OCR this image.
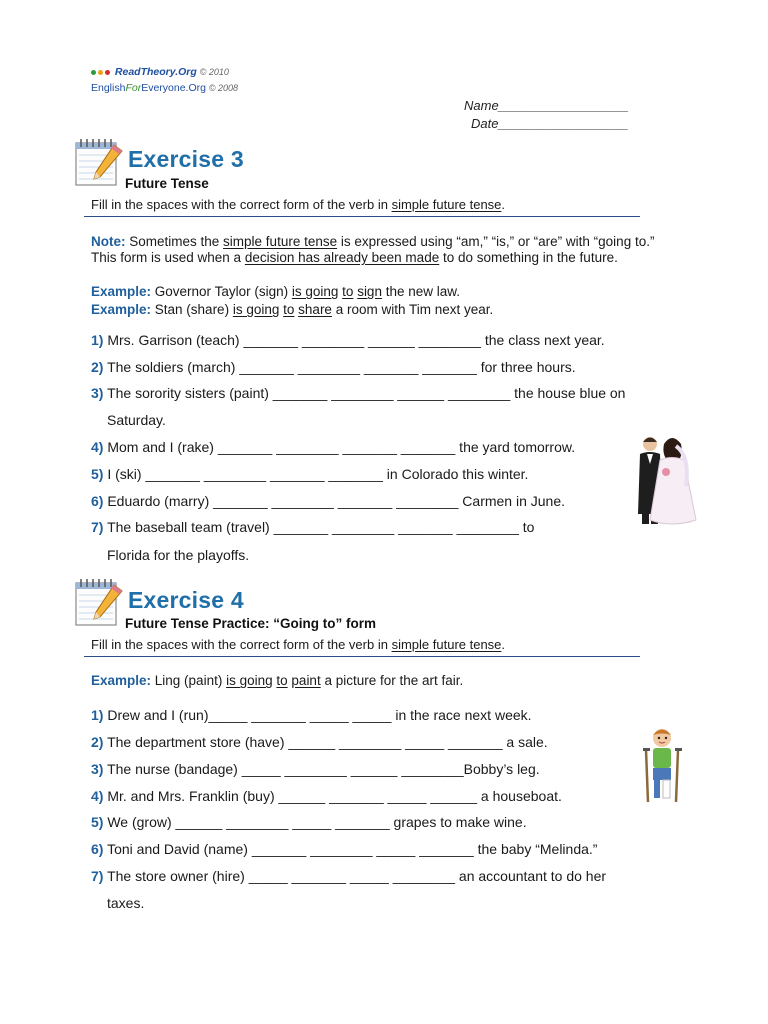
ReadTheory.Org © 2010
EnglishForEveryone.Org © 2008
Name__________________
Date__________________
Exercise 3
Future Tense
Fill in the spaces with the correct form of the verb in simple future tense.
Note: Sometimes the simple future tense is expressed using “am,” “is,” or “are” with “going to.”
This form is used when a decision has already been made to do something in the future.
Example: Governor Taylor (sign) is going to sign the new law.
Example: Stan (share) is going to share a room with Tim next year.
1) Mrs. Garrison (teach) _______ ________ ______ ________ the class next year.
2) The soldiers (march) _______ ________ _______ _______ for three hours.
3) The sorority sisters (paint) _______ ________ ______ ________ the house blue on
Saturday.
4) Mom and I (rake) _______ ________ _______ _______ the yard tomorrow.
5) I (ski) _______ ________ _______ _______ in Colorado this winter.
6) Eduardo (marry) _______ ________ _______ ________ Carmen in June.
7) The baseball team (travel) _______ ________ _______ ________ to
Florida for the playoffs.
Exercise 4
Future Tense Practice: “Going to” form
Fill in the spaces with the correct form of the verb in simple future tense.
Example: Ling (paint) is going to paint a picture for the art fair.
1) Drew and I (run)_____ _______ _____ _____ in the race next week.
2) The department store (have) ______ ________ _____ _______ a sale.
3) The nurse (bandage) _____ ________ ______ ________Bobby’s leg.
4) Mr. and Mrs. Franklin (buy) ______ _______ _____ ______ a houseboat.
5) We (grow) ______ ________ _____ _______ grapes to make wine.
6) Toni and David (name) _______ ________ _____ _______ the baby “Melinda.”
7) The store owner (hire) _____ _______ _____ ________ an accountant to do her
taxes.
